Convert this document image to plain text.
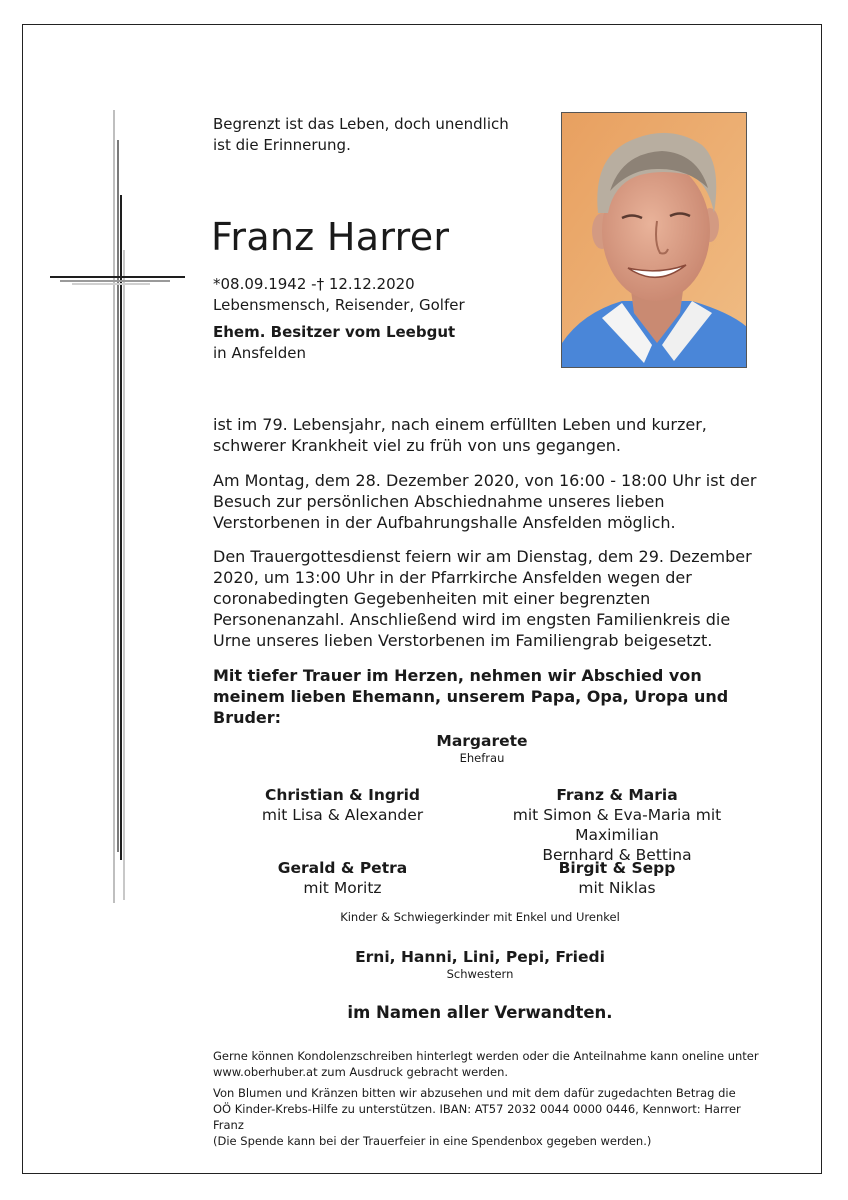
Begrenzt ist das Leben, doch unendlich
ist die Erinnerung.
Franz Harrer
*08.09.1942 -† 12.12.2020
Lebensmensch, Reisender, Golfer
Ehem. Besitzer vom Leebgut
in Ansfelden
ist im 79. Lebensjahr, nach einem erfüllten Leben und kurzer, schwerer Krankheit viel zu früh von uns gegangen.
Am Montag, dem 28. Dezember 2020, von 16:00 - 18:00 Uhr ist der Besuch zur persönlichen Abschiednahme unseres lieben Verstorbenen in der Aufbahrungshalle Ansfelden möglich.
Den Trauergottesdienst feiern wir am Dienstag, dem 29. Dezember 2020, um 13:00 Uhr in der Pfarrkirche Ansfelden wegen der coronabedingten Gegebenheiten mit einer begrenzten Personenanzahl. Anschließend wird im engsten Familienkreis die Urne unseres lieben Verstorbenen im Familiengrab beigesetzt.
Mit tiefer Trauer im Herzen, nehmen wir Abschied von meinem lieben Ehemann, unserem Papa, Opa, Uropa und Bruder:
Margarete
Ehefrau
Christian & Ingrid
mit Lisa & Alexander
Franz & Maria
mit Simon & Eva-Maria mit Maximilian
Bernhard & Bettina
Gerald & Petra
mit Moritz
Birgit & Sepp
mit Niklas
Kinder & Schwiegerkinder mit Enkel und Urenkel
Erni, Hanni, Lini, Pepi, Friedi
Schwestern
im Namen aller Verwandten.
Gerne können Kondolenzschreiben hinterlegt werden oder die Anteilnahme kann oneline unter
www.oberhuber.at zum Ausdruck gebracht werden.
Von Blumen und Kränzen bitten wir abzusehen und mit dem dafür zugedachten Betrag die
OÖ Kinder-Krebs-Hilfe zu unterstützen. IBAN: AT57 2032 0044 0000 0446, Kennwort: Harrer Franz
(Die Spende kann bei der Trauerfeier in eine Spendenbox gegeben werden.)
